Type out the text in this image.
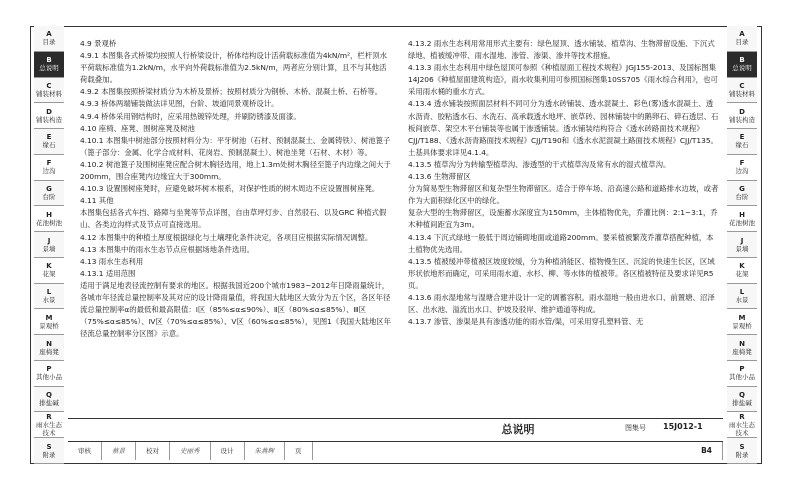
A
目录
B
总说明
C
铺装材料
D
铺装构造
E
缘石
F
边沟
G
台阶
H
花池树池
J
景墙
K
花架
L
水景
M
景观桥
N
座椅凳
P
其他小品
Q
排盐碱
R
雨水生态技术
S
附录
A
目录
B
总说明
C
铺装材料
D
铺装构造
E
缘石
F
边沟
G
台阶
H
花池树池
J
景墙
K
花架
L
水景
M
景观桥
N
座椅凳
P
其他小品
Q
排盐碱
R
雨水生态技术
S
附录
4.9 景观桥
4.9.1 本图集各式桥梁均按照人行桥梁设计，桥体结构设计活荷载标准值为4kN/m²，栏杆顶水平荷载标准值为1.2kN/m，水平向外荷载标准值为2.5kN/m，两者应分别计算，且不与其他活荷载叠加。
4.9.2 本图集按照桥梁材质分为木桥及景桥；按照材质分为钢桥、木桥、混凝土桥、石桥等。
4.9.3 桥体两端铺装做法详见图，台阶、坡道同景观桥设计。
4.9.4 桥体采用钢结构时，应采用热镀锌处理，并刷防锈漆及面漆。
4.10 座椅、座凳、围树座凳及树池
4.10.1 本图集中树池部分按照材料分为：平牙树池（石材、预制混凝土、金属铸铁）、树池篦子（篦子部分：金属、化学合成材料、花岗岩、预制混凝土）、树池坐凳（石材、木材）等。
4.10.2 树池篦子及围树座凳应配合树木胸径选用，地上1.3m处树木胸径至篦子内边缘之间大于200mm，围合座凳内边缘宜大于300mm。
4.10.3 设置围树座凳时，应避免破坏树木根系，对保护性质的树木周边不应设置围树座凳。
4.11 其他
本图集包括各式车挡、路障与坐凳等节点详图，自由草坪灯步、自然驳石、以及GRC 种植式假山、各类边沟样式及节点可直接选用。
4.12 本图集中的种植土厚度根据绿化与土壤理化条件决定，各项目应根据实际情况调整。
4.13 本图集中的雨水生态节点应根据场地条件选用。
4.13 雨水生态利用
4.13.1 适用范围
适用于满足地表径流控制有要求的地区。根据我国近200个城市1983~2012年日降雨量统计，各城市年径流总量控制率及其对应的设计降雨量值，将我国大陆地区大致分为五个区，各区年径流总量控制率α的最低和最高限值：Ⅰ区（85%≤α≤90%）、Ⅱ区（80%≤α≤85%）、Ⅲ区（75%≤α≤85%）、Ⅳ区（70%≤α≤85%）、Ⅴ区（60%≤α≤85%），见图1《我国大陆地区年径流总量控制率分区图》示意。
4.13.2 雨水生态利用常用形式主要有：绿色屋顶、透水铺装、植草沟、生物滞留设施、下沉式绿地、植被缓冲带、雨水湿地、渗管、渗渠、渗井等技术措施。
4.13.3 雨水生态利用中绿色屋顶可参照《种植屋面工程技术规程》JGJ155-2013、及国标图集14J206《种植屋面建筑构造》，雨水收集利用可参照国标图集10SS705《雨水综合利用》，也可采用雨水桶的重水方式。
4.13.4 透水铺装按照面层材料不同可分为透水砖铺装、透水混凝土、彩色(雾)透水混凝土、透水沥青、胶粘透水石、水洗石、高承载透水地坪、嵌草砖、园林铺装中的鹅卵石、碎石透层、石板间嵌草、架空木平台铺装等也属于渗透铺装。透水铺装结构符合《透水砖路面技术规程》CJJ/T188、《透水沥青路面技术规程》CJJ/T190和《透水水泥混凝土路面技术规程》CJJ/T135。土基具体要求详见4.1.4。
4.13.5 植草沟分为转输型植草沟、渗透型的干式植草沟及常有水的湿式植草沟。
4.13.6 生物滞留区
分为简易型生物滞留区和复杂型生物滞留区。适合于停车场、沿高速公路和道路排水边坡，或者作为大面积绿化区中的绿化。
复杂大型的生物滞留区，设施蓄水深度宜为150mm，主体植物优先，乔灌比例：2:1~3:1，乔木种植间距宜为3m。
4.13.4 下沉式绿地一般低于周边铺砌地面或道路200mm。要采植被繁茂乔灌草搭配种植，本土植物优先选用。
4.13.5 植被缓冲带植被区坡度较缓，分为种植消能区、植物慢生区、沉淀的快速生长区，区域形状依地形而确定，可采用雨水道、水杉、柳、等水体的植被带。各区植被特征及要求详见R5页。
4.13.6 雨水湿地常与湿塘合建并设计一定的调蓄容积。雨水湿地一般由进水口、前置塘、沼泽区、出水池、溢流出水口、护坡及驳岸、维护通道等构成。
4.13.7 渗管、渗渠是具有渗透功能的雨水管/渠，可采用穿孔塑料管、无
总说明	图集号 15J012-1
审核	蔡景	校对	史丽秀	设计	朱燕辉	页	B4
